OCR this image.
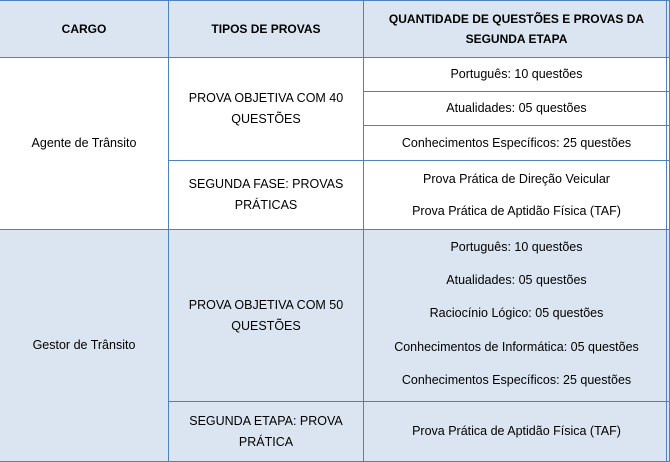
CARGO	TIPOS DE PROVAS
QUANTIDADE DE QUESTÕES E PROVAS DA
SEGUNDA ETAPA
Agente de Trânsito
PROVA OBJETIVA COM 40
QUESTÕES
Português: 10 questões
Atualidades: 05 questões
Conhecimentos Específicos: 25 questões
SEGUNDA FASE: PROVAS
PRÁTICAS
Prova Prática de Direção Veicular
Prova Prática de Aptidão Física (TAF)
Gestor de Trânsito
PROVA OBJETIVA COM 50
QUESTÕES
Português: 10 questões
Atualidades: 05 questões
Raciocínio Lógico: 05 questões
Conhecimentos de Informática: 05 questões
Conhecimentos Específicos: 25 questões
SEGUNDA ETAPA: PROVA
PRÁTICA
Prova Prática de Aptidão Física (TAF)
